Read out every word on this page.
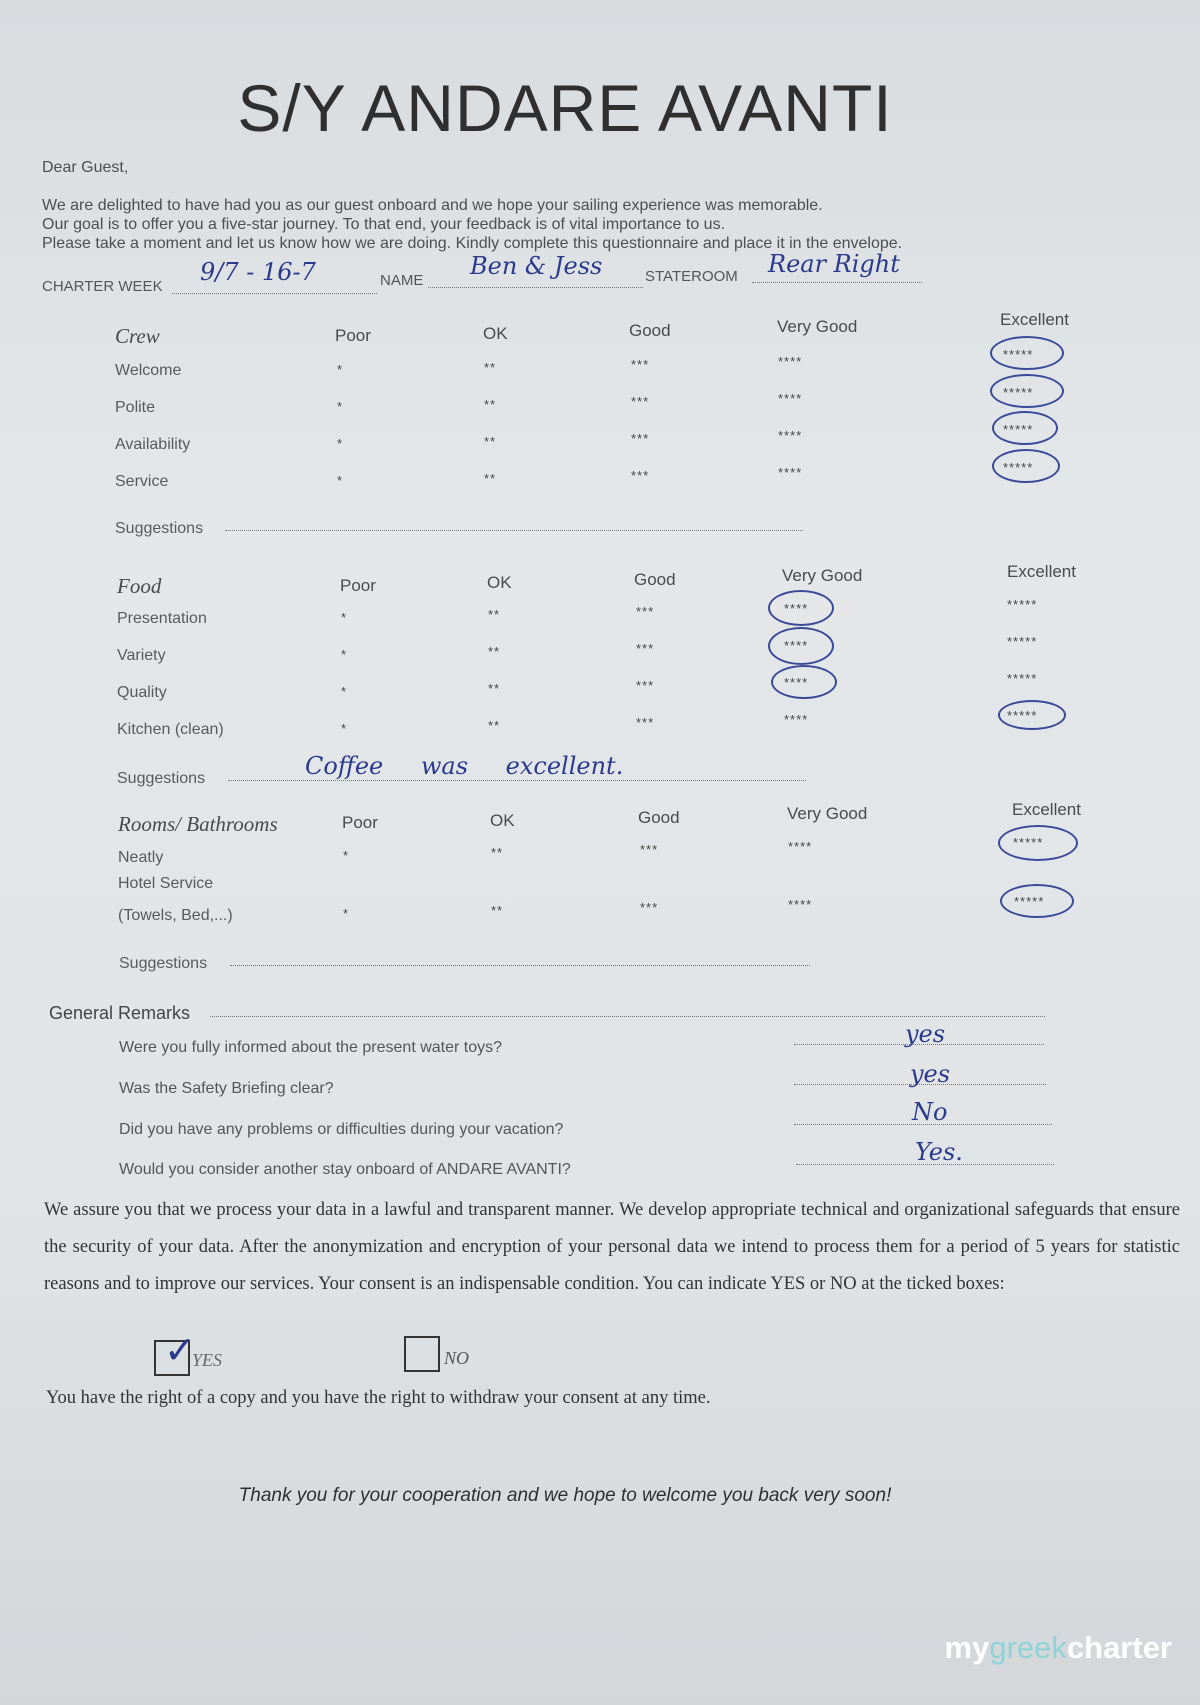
S/Y ANDARE AVANTI
Dear Guest,
We are delighted to have had you as our guest onboard and we hope your sailing experience was memorable.
Our goal is to offer you a five-star journey. To that end, your feedback is of vital importance to us.
Please take a moment and let us know how we are doing. Kindly complete this questionnaire and place it in the envelope.
CHARTER WEEK
9/7 - 16-7	NAME
Ben & Jess	STATEROOM Rear Right
Crew	Poor	OK	Good	Very Good	Excellent
Welcome	*	**	***	****	*****
Polite	*	**	***	****	*****
Availability	*	**	***	****	*****
Service	*	**	***	****	*****
Suggestions
Food	Poor	OK	Good	Very Good	Excellent
Presentation	*	**	***	****	*****
Variety	*	**	***	****	*****
Quality	*	**	***	****	*****
Kitchen (clean)	*	**	***	****	*****
Suggestions	Coffee was excellent.
Rooms/ Bathrooms	Poor	OK	Good	Very Good	Excellent
Neatly	*	**	***	****	*****
Hotel Service
(Towels, Bed,...)	*	**	***	****	*****
Suggestions
General Remarks
Were you fully informed about the present water toys?	yes
Was the Safety Briefing clear?
yes
Did you have any problems or difficulties during your vacation?
No
Would you consider another stay onboard of ANDARE AVANTI?
Yes.
We assure you that we process your data in a lawful and transparent manner. We develop appropriate technical and organizational safeguards that ensure the security of your data. After the anonymization and encryption of your personal data we intend to process them for a period of 5 years for statistic reasons and to improve our services. Your consent is an indispensable condition. You can indicate YES or NO at the ticked boxes:
✓
YES	NO
You have the right of a copy and you have the right to withdraw your consent at any time.
Thank you for your cooperation and we hope to welcome you back very soon!
mygreekcharter
